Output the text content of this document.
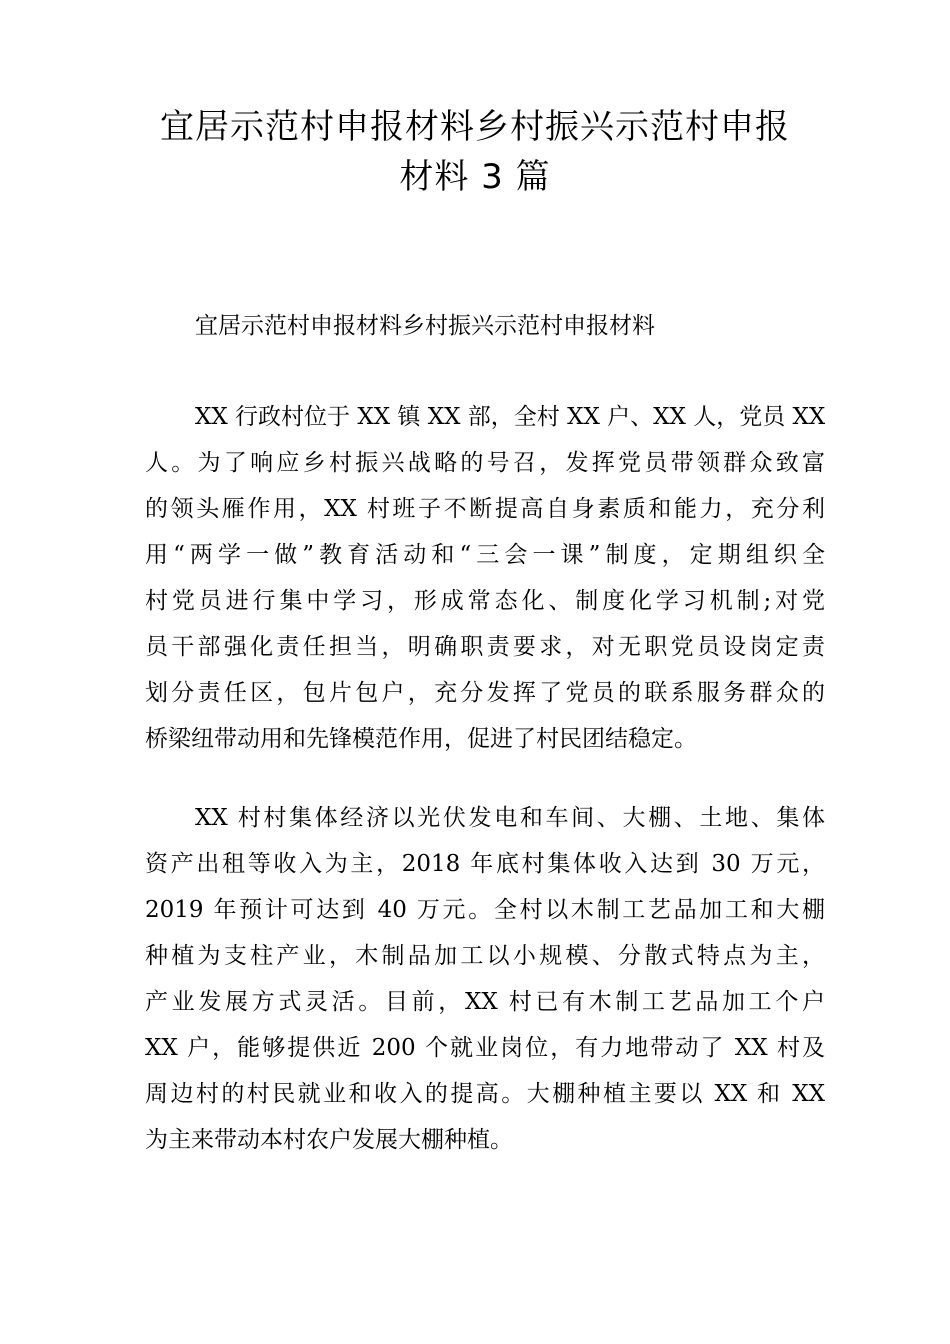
宜居示范村申报材料乡村振兴示范村申报
材料 3 篇

宜居示范村申报材料乡村振兴示范村申报材料

XX 行政村位于 XX 镇 XX 部，全村 XX 户、XX 人，党员 XX
人。为了响应乡村振兴战略的号召，发挥党员带领群众致富
的领头雁作用，XX 村班子不断提高自身素质和能力，充分利
用“两学一做”教育活动和“三会一课”制度，定期组织全
村党员进行集中学习，形成常态化、制度化学习机制;对党
员干部强化责任担当，明确职责要求，对无职党员设岗定责
划分责任区，包片包户，充分发挥了党员的联系服务群众的
桥梁纽带动用和先锋模范作用，促进了村民团结稳定。
XX 村村集体经济以光伏发电和车间、大棚、土地、集体
资产出租等收入为主，2018 年底村集体收入达到 30 万元，
2019 年预计可达到 40 万元。全村以木制工艺品加工和大棚
种植为支柱产业，木制品加工以小规模、分散式特点为主，
产业发展方式灵活。目前，XX 村已有木制工艺品加工个户
XX 户，能够提供近 200 个就业岗位，有力地带动了 XX 村及
周边村的村民就业和收入的提高。大棚种植主要以 XX 和 XX
为主来带动本村农户发展大棚种植。
